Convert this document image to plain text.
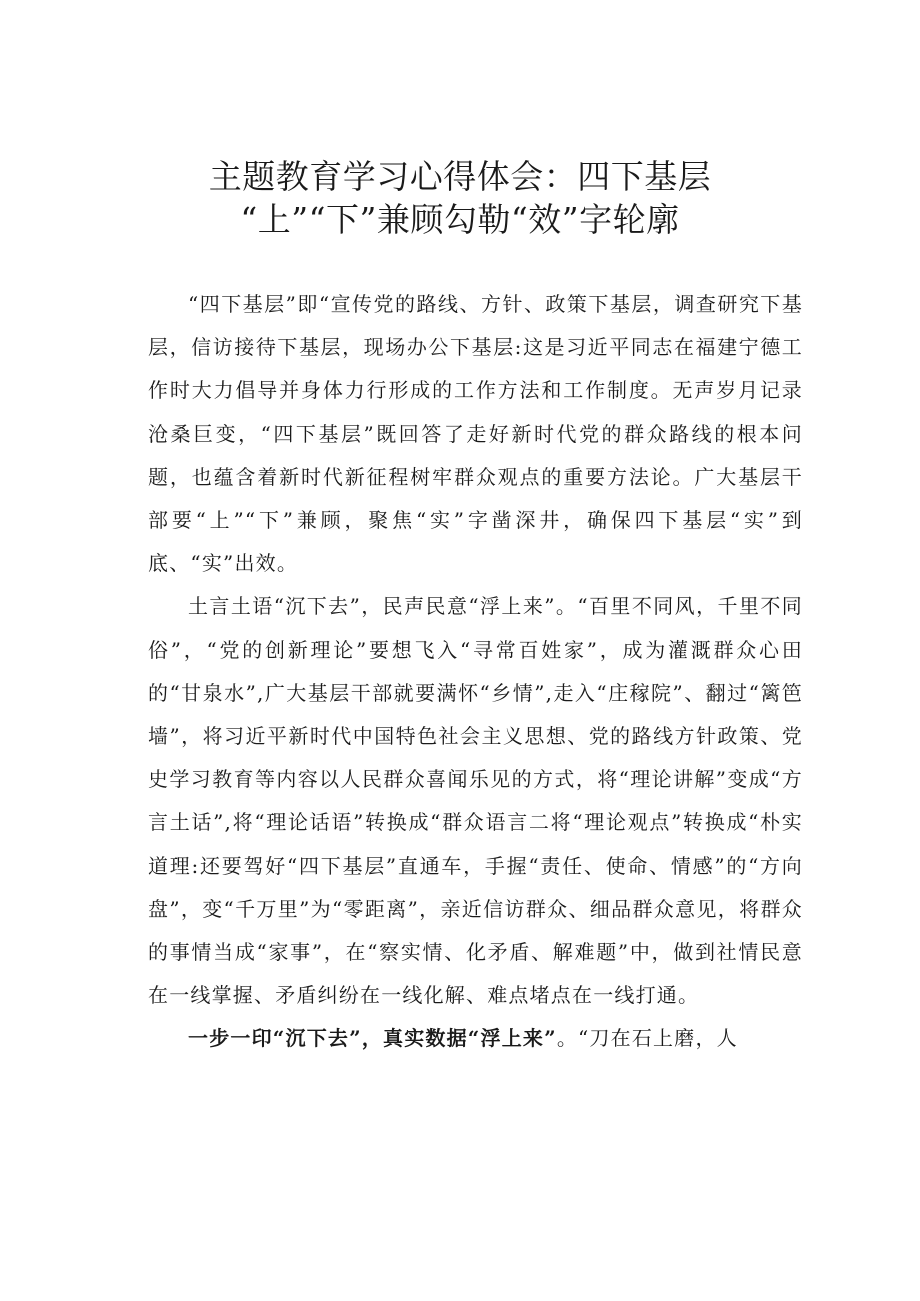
主题教育学习心得体会：四下基层
“上”“下”兼顾勾勒“效”字轮廓

“四下基层”即“宣传党的路线、方针、政策下基层，调查研究下基层，信访接待下基层，现场办公下基层:这是习近平同志在福建宁德工作时大力倡导并身体力行形成的工作方法和工作制度。无声岁月记录沧桑巨变，“四下基层”既回答了走好新时代党的群众路线的根本问题，也蕴含着新时代新征程树牢群众观点的重要方法论。广大基层干部要“上”“下”兼顾，聚焦“实”字凿深井，确保四下基层“实”到底、“实”出效。

土言土语“沉下去”，民声民意“浮上来”。“百里不同风，千里不同俗”，“党的创新理论”要想飞入“寻常百姓家”，成为灌溉群众心田的“甘泉水”,广大基层干部就要满怀“乡情”,走入“庄稼院”、翻过“篱笆墙”，将习近平新时代中国特色社会主义思想、党的路线方针政策、党史学习教育等内容以人民群众喜闻乐见的方式，将“理论讲解”变成“方言土话”,将“理论话语”转换成“群众语言二将“理论观点”转换成“朴实道理:还要驾好“四下基层”直通车，手握“责任、使命、情感”的“方向盘”，变“千万里”为“零距离”，亲近信访群众、细品群众意见，将群众的事情当成“家事”，在“察实情、化矛盾、解难题”中，做到社情民意在一线掌握、矛盾纠纷在一线化解、难点堵点在一线打通。

一步一印“沉下去”，真实数据“浮上来”。“刀在石上磨，人
